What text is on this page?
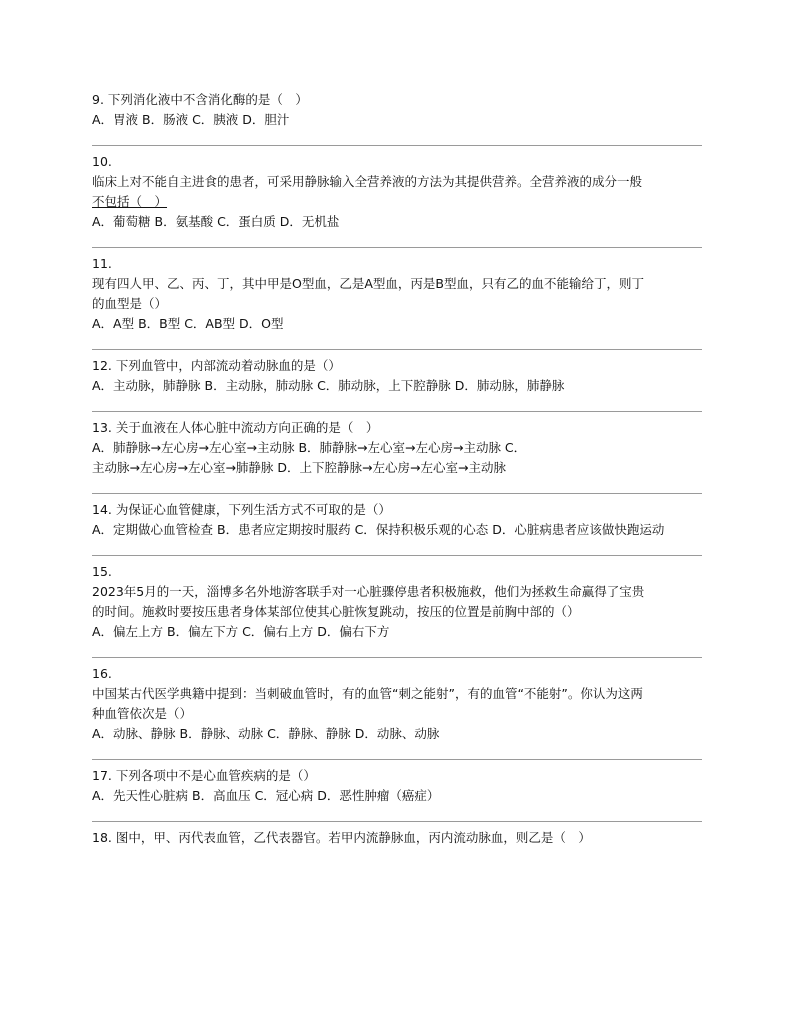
9. 下列消化液中不含消化酶的是（　）
A．胃液 B．肠液 C．胰液 D．胆汁
10.
临床上对不能自主进食的患者，可采用静脉输入全营养液的方法为其提供营养。全营养液的成分一般
不包括（　）
A．葡萄糖 B．氨基酸 C．蛋白质 D．无机盐
11.
现有四人甲、乙、丙、丁，其中甲是O型血，乙是A型血，丙是B型血，只有乙的血不能输给丁，则丁
的血型是（）
A．A型 B．B型 C．AB型 D．O型
12. 下列血管中，内部流动着动脉血的是（）
A．主动脉，肺静脉 B．主动脉，肺动脉 C．肺动脉，上下腔静脉 D．肺动脉，肺静脉
13. 关于血液在人体心脏中流动方向正确的是（　）
A．肺静脉→左心房→左心室→主动脉 B．肺静脉→左心室→左心房→主动脉 C．
主动脉→左心房→左心室→肺静脉 D．上下腔静脉→左心房→左心室→主动脉
14. 为保证心血管健康，下列生活方式不可取的是（）
A．定期做心血管检查 B．患者应定期按时服药 C．保持积极乐观的心态 D．心脏病患者应该做快跑运动
15.
2023年5月的一天，淄博多名外地游客联手对一心脏骤停患者积极施救，他们为拯救生命赢得了宝贵
的时间。施救时要按压患者身体某部位使其心脏恢复跳动，按压的位置是前胸中部的（）
A．偏左上方 B．偏左下方 C．偏右上方 D．偏右下方
16.
中国某古代医学典籍中提到：当刺破血管时，有的血管“刺之能射”，有的血管“不能射”。你认为这两
种血管依次是（）
A．动脉、静脉 B．静脉、动脉 C．静脉、静脉 D．动脉、动脉
17. 下列各项中不是心血管疾病的是（）
A．先天性心脏病 B．高血压 C．冠心病 D．恶性肿瘤（癌症）
18. 图中，甲、丙代表血管，乙代表器官。若甲内流静脉血，丙内流动脉血，则乙是（　）
